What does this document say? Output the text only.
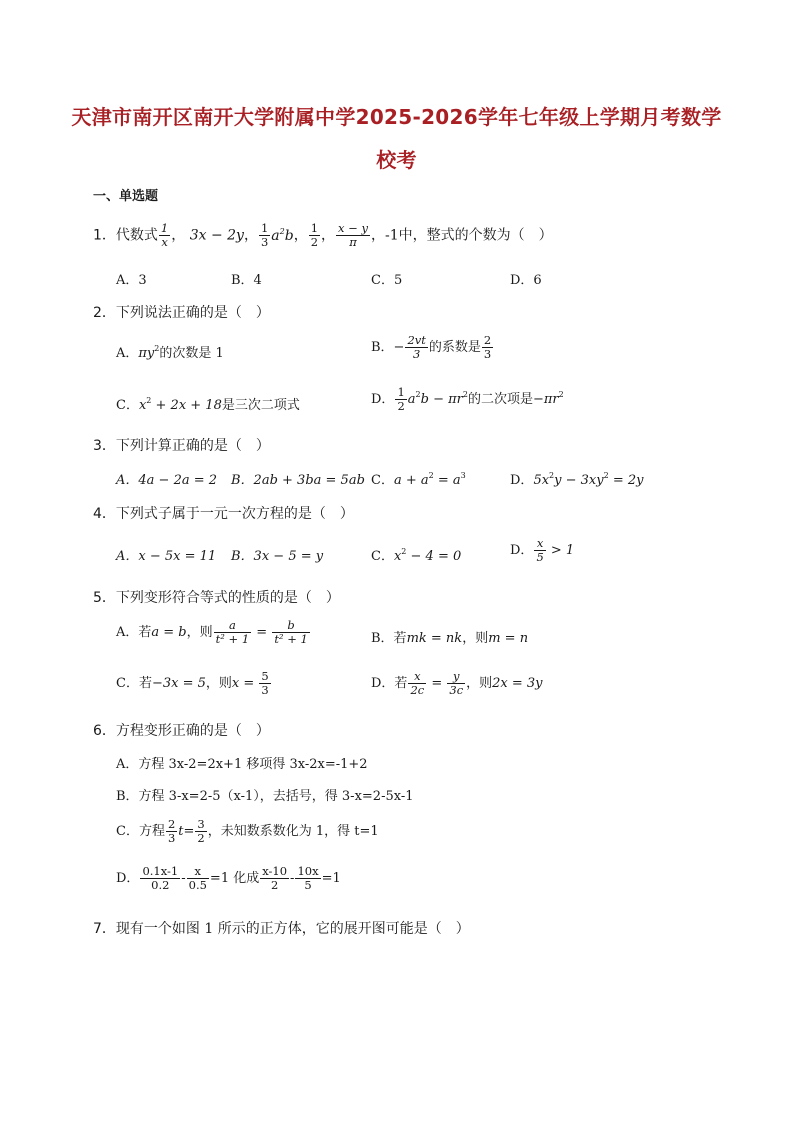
天津市南开区南开大学附属中学2025-2026学年七年级上学期月考数学
校考
一、单选题
1．代数式 $\frac{1}{x}$ ， 3x − 2y， $\frac{1}{3} a^2b$， $\frac{1}{2}$ ， $\frac{x - y}{\pi}$ ，-1中，整式的个数为（　）
A．3	B．4	C．5	D．6
2．下列说法正确的是（　）
A．$\pi y^2$的次数是 1	B．− $\frac{2vt}{3}$ 的系数是 $\frac{2}{3}$
C．$x^2 + 2x + 18$是三次二项式	D． $\frac{1}{2} a^2b - \pi r^2$的二次项是$-\pi r^2$
3．下列计算正确的是（　）
A．4a − 2a = 2 B．2ab + 3ba = 5ab C．$a + a^2 = a^3$	D．$5x^2y - 3xy^2 = 2y$
4．下列式子属于一元一次方程的是（　）
A．x − 5x = 11 B．3x − 5 = y	C．$x^2 - 4 = 0$	D． $\frac{x}{5} > 1$
5．下列变形符合等式的性质的是（　）
A．若a = b，则 $\frac{a}{\text{t² + 1}} = \frac{b}{\text{t² + 1}}$	B．若mk = nk，则m = n
C．若−3x = 5，则$x = \frac{5}{3}$	D．若 $\frac{x}{2c} = \frac{y}{3c}$ ，则2x = 3y
6．方程变形正确的是（　）
A．方程 3x-2=2x+1 移项得 3x-2x=-1+2
B．方程 3-x=2-5（x-1），去括号，得 3-x=2-5x-1
C．方程 $\frac{2}{3} t= \frac{3}{2}$ ，未知数系数化为 1，得 t=1
D． $\frac{0.1x-1}{0.2} - \frac{x}{0.5} =1$ 化成 $\frac{x-10}{2} - \frac{10x}{5} =1$
7．现有一个如图 1 所示的正方体，它的展开图可能是（　）
